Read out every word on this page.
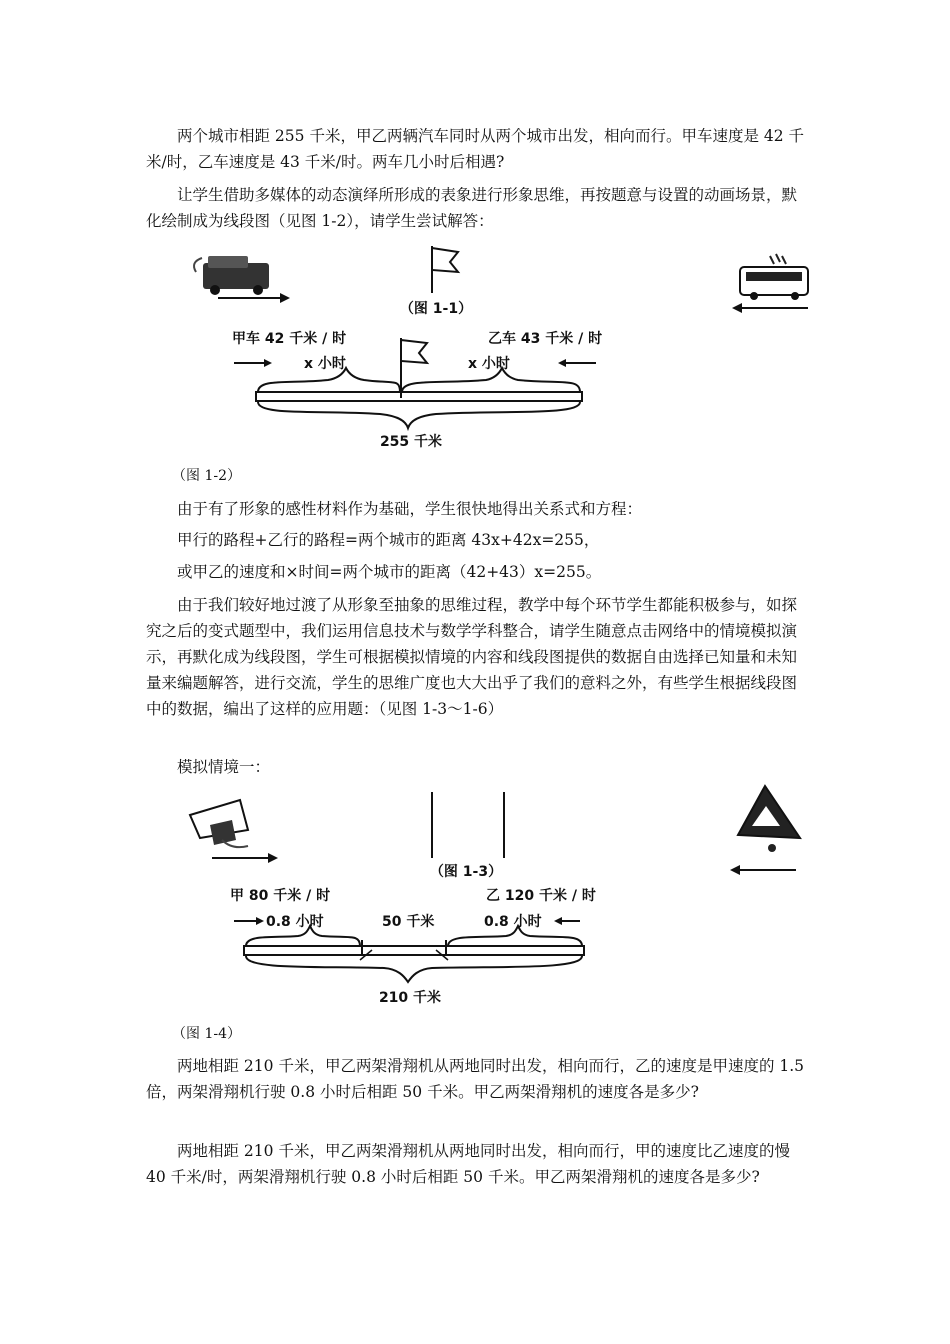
两个城市相距 255 千米，甲乙两辆汽车同时从两个城市出发，相向而行。甲车速度是 42 千米/时，乙车速度是 43 千米/时。两车几小时后相遇?

让学生借助多媒体的动态演绎所形成的表象进行形象思维，再按题意与设置的动画场景，默化绘制成为线段图（见图 1-2），请学生尝试解答：

（图 1-1）
甲车 42 千米 / 时	乙车 43 千米 / 时
x 小时	x 小时
255 千米
（图 1-2）

由于有了形象的感性材料作为基础，学生很快地得出关系式和方程：

甲行的路程+乙行的路程=两个城市的距离 43x+42x=255，

或甲乙的速度和×时间=两个城市的距离（42+43）x=255。

由于我们较好地过渡了从形象至抽象的思维过程，教学中每个环节学生都能积极参与，如探究之后的变式题型中，我们运用信息技术与数学学科整合，请学生随意点击网络中的情境模拟演示，再默化成为线段图，学生可根据模拟情境的内容和线段图提供的数据自由选择已知量和未知量来编题解答，进行交流，学生的思维广度也大大出乎了我们的意料之外，有些学生根据线段图中的数据，编出了这样的应用题：（见图 1-3～1-6）

模拟情境一：

（图 1-3）
甲 80 千米 / 时	乙 120 千米 / 时
0.8 小时	50 千米	0.8 小时
210 千米
（图 1-4）

两地相距 210 千米，甲乙两架滑翔机从两地同时出发，相向而行，乙的速度是甲速度的 1.5 倍，两架滑翔机行驶 0.8 小时后相距 50 千米。甲乙两架滑翔机的速度各是多少?

两地相距 210 千米，甲乙两架滑翔机从两地同时出发，相向而行，甲的速度比乙速度的慢 40 千米/时，两架滑翔机行驶 0.8 小时后相距 50 千米。甲乙两架滑翔机的速度各是多少?
